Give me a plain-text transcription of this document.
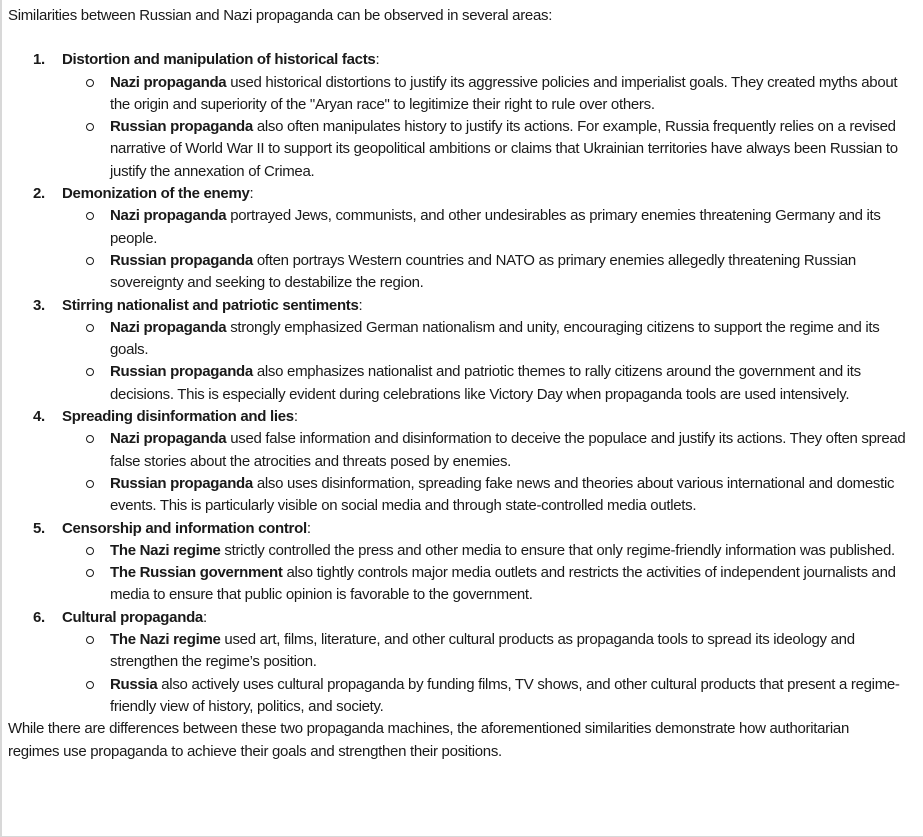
Similarities between Russian and Nazi propaganda can be observed in several areas:

1.	Distortion and manipulation of historical facts:
Nazi propaganda used historical distortions to justify its aggressive policies and imperialist goals. They created myths about the origin and superiority of the "Aryan race" to legitimize their right to rule over others.
Russian propaganda also often manipulates history to justify its actions. For example, Russia frequently relies on a revised narrative of World War II to support its geopolitical ambitions or claims that Ukrainian territories have always been Russian to justify the annexation of Crimea.
2.	Demonization of the enemy:
Nazi propaganda portrayed Jews, communists, and other undesirables as primary enemies threatening Germany and its people.
Russian propaganda often portrays Western countries and NATO as primary enemies allegedly threatening Russian sovereignty and seeking to destabilize the region.
3.	Stirring nationalist and patriotic sentiments:
Nazi propaganda strongly emphasized German nationalism and unity, encouraging citizens to support the regime and its goals.
Russian propaganda also emphasizes nationalist and patriotic themes to rally citizens around the government and its decisions. This is especially evident during celebrations like Victory Day when propaganda tools are used intensively.
4.	Spreading disinformation and lies:
Nazi propaganda used false information and disinformation to deceive the populace and justify its actions. They often spread false stories about the atrocities and threats posed by enemies.
Russian propaganda also uses disinformation, spreading fake news and theories about various international and domestic events. This is particularly visible on social media and through state-controlled media outlets.
5.	Censorship and information control:
The Nazi regime strictly controlled the press and other media to ensure that only regime-friendly information was published.
The Russian government also tightly controls major media outlets and restricts the activities of independent journalists and media to ensure that public opinion is favorable to the government.
6.	Cultural propaganda:
The Nazi regime used art, films, literature, and other cultural products as propaganda tools to spread its ideology and strengthen the regime’s position.
Russia also actively uses cultural propaganda by funding films, TV shows, and other cultural products that present a regime-friendly view of history, politics, and society.

While there are differences between these two propaganda machines, the aforementioned similarities demonstrate how authoritarian regimes use propaganda to achieve their goals and strengthen their positions.
